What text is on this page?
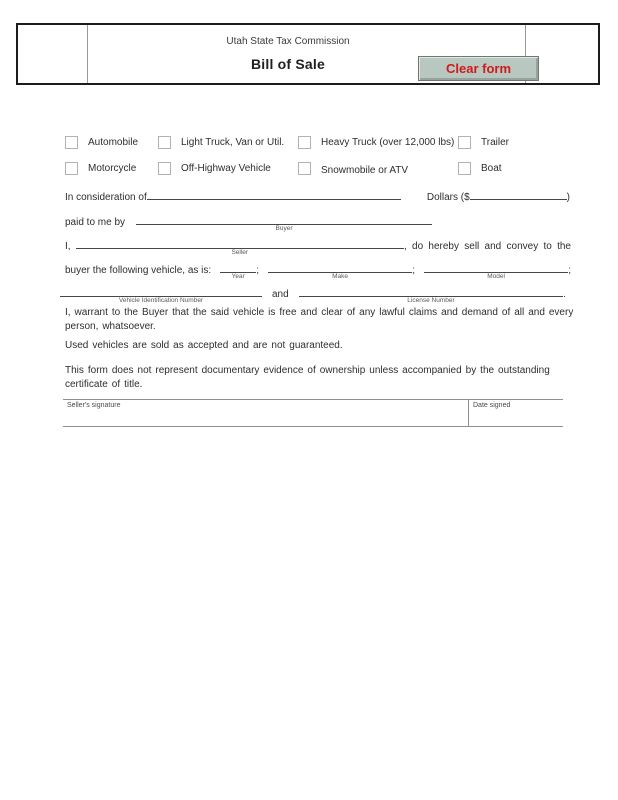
Utah State Tax Commission
Bill of Sale	Clear form
Automobile	Light Truck, Van or Util.	Heavy Truck (over 12,000 lbs)	Trailer
Motorcycle	Off-Highway Vehicle	Snowmobile or ATV	Boat
In consideration of	Dollars ($	)
paid to me by
Buyer
I,
Seller
, do hereby sell and convey to the
buyer the following vehicle, as is:
Year
;
Make
;
Model
;
Vehicle Identification Number
and
License Number
.
I, warrant to the Buyer that the said vehicle is free and clear of any lawful claims and demand of all and every person, whatsoever.
Used vehicles are sold as accepted and are not guaranteed.
This form does not represent documentary evidence of ownership unless accompanied by the outstanding certificate of title.
Seller's signature	Date signed
